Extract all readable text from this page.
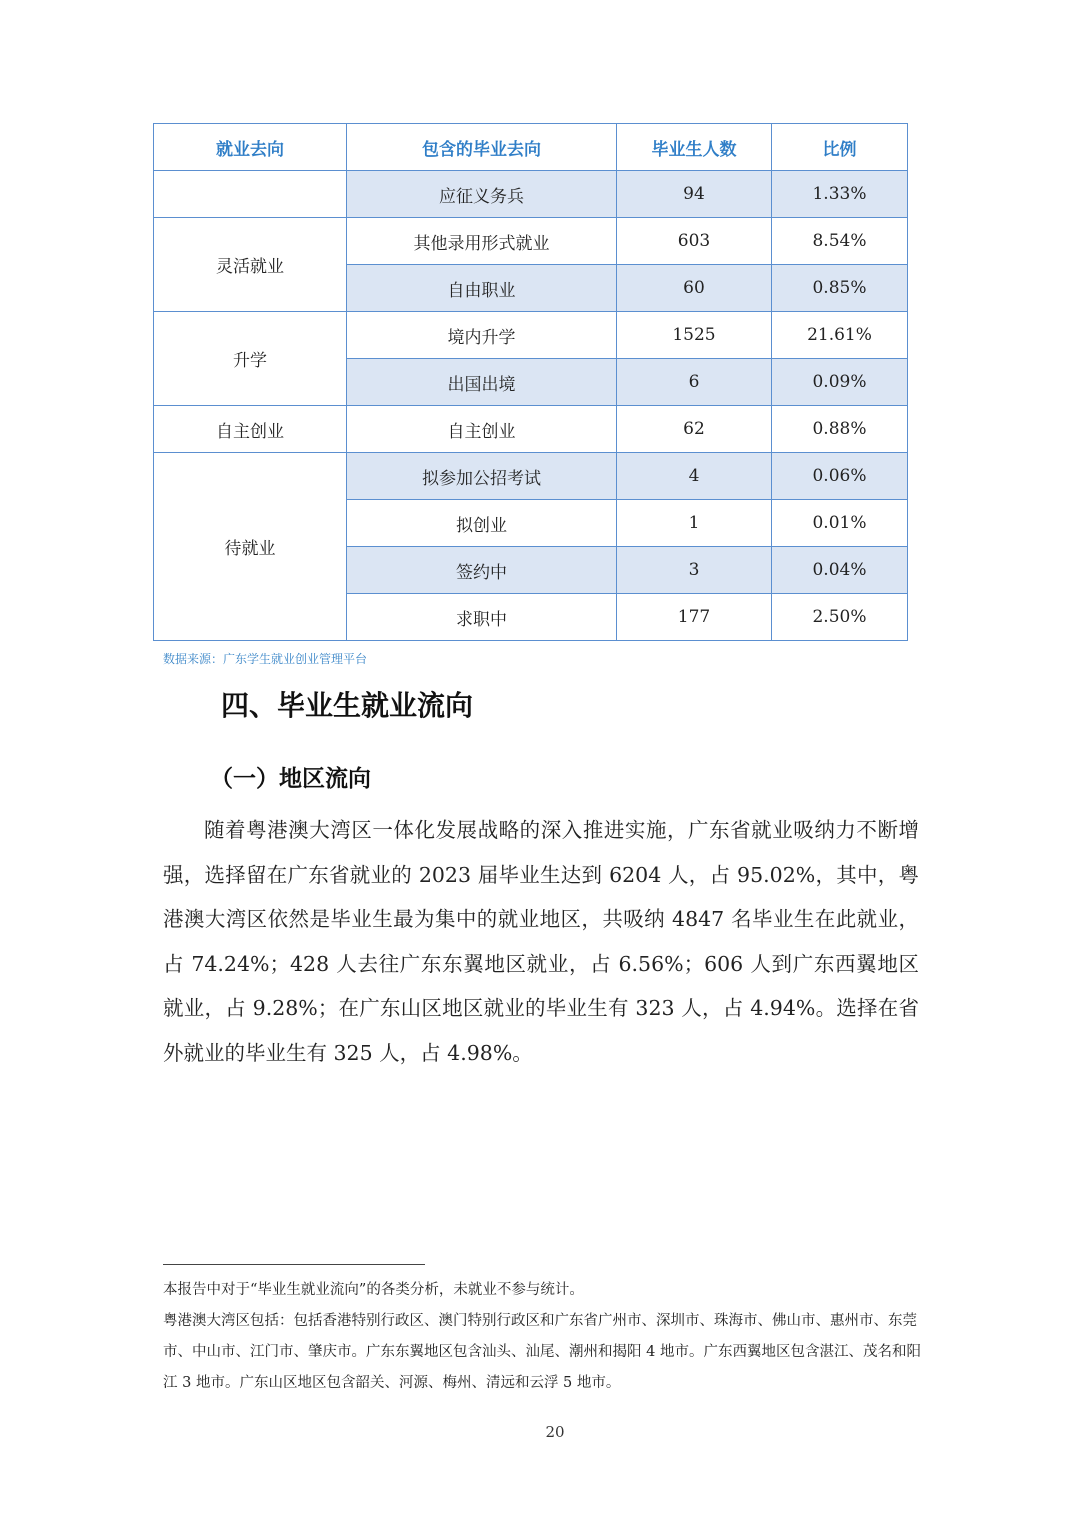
就业去向	包含的毕业去向	毕业生人数	比例
	应征义务兵	94	1.33%
灵活就业	其他录用形式就业	603	8.54%
	自由职业	60	0.85%
升学	境内升学	1525	21.61%
	出国出境	6	0.09%
自主创业	自主创业	62	0.88%
待就业	拟参加公招考试	4	0.06%
	拟创业	1	0.01%
	签约中	3	0.04%
	求职中	177	2.50%
数据来源：广东学生就业创业管理平台
四、毕业生就业流向
（一）地区流向

随着粤港澳大湾区一体化发展战略的深入推进实施，广东省就业吸纳力不断增强，选择留在广东省就业的 2023 届毕业生达到 6204 人，占 95.02%，其中，粤港澳大湾区依然是毕业生最为集中的就业地区，共吸纳 4847 名毕业生在此就业，占 74.24%；428 人去往广东东翼地区就业，占 6.56%；606 人到广东西翼地区就业，占 9.28%；在广东山区地区就业的毕业生有 323 人，占 4.94%。选择在省外就业的毕业生有 325 人，占 4.98%。

本报告中对于“毕业生就业流向”的各类分析，未就业不参与统计。

粤港澳大湾区包括：包括香港特别行政区、澳门特别行政区和广东省广州市、深圳市、珠海市、佛山市、惠州市、东莞市、中山市、江门市、肇庆市。广东东翼地区包含汕头、汕尾、潮州和揭阳 4 地市。广东西翼地区包含湛江、茂名和阳江 3 地市。广东山区地区包含韶关、河源、梅州、清远和云浮 5 地市。

20
